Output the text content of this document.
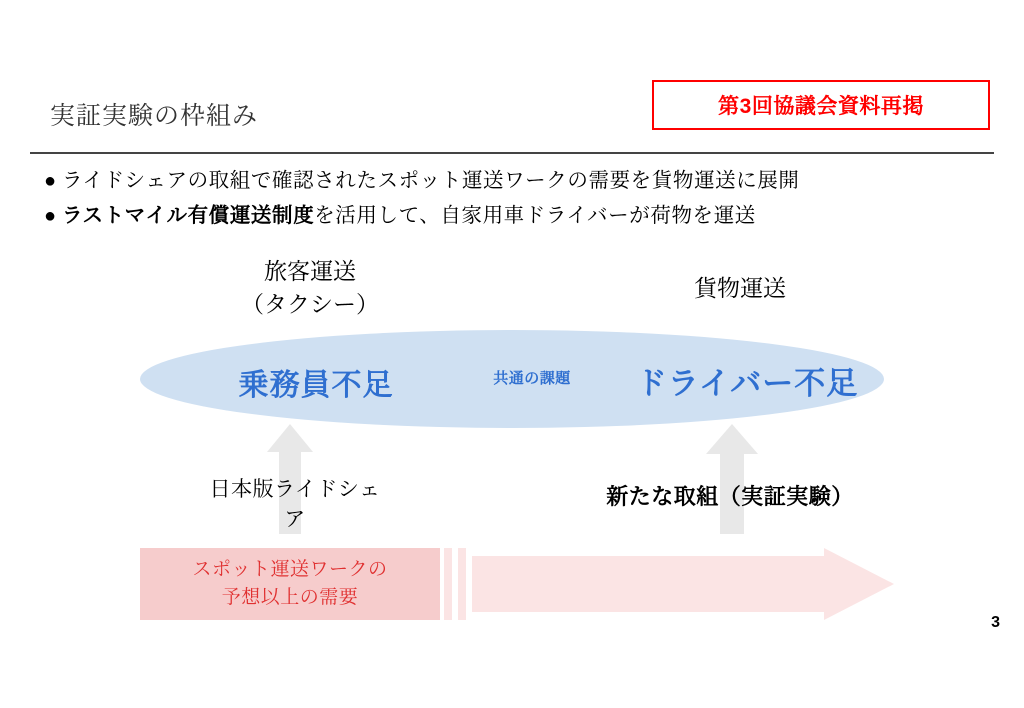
実証実験の枠組み	第3回協議会資料再掲
● ライドシェアの取組で確認されたスポット運送ワークの需要を貨物運送に展開
● ラストマイル有償運送制度を活用して、自家用車ドライバーが荷物を運送
旅客運送
（タクシー）
貨物運送
乗務員不足	共通の課題	ドライバー不足
日本版ライドシェ
ア
新たな取組（実証実験）
スポット運送ワークの
予想以上の需要
3
